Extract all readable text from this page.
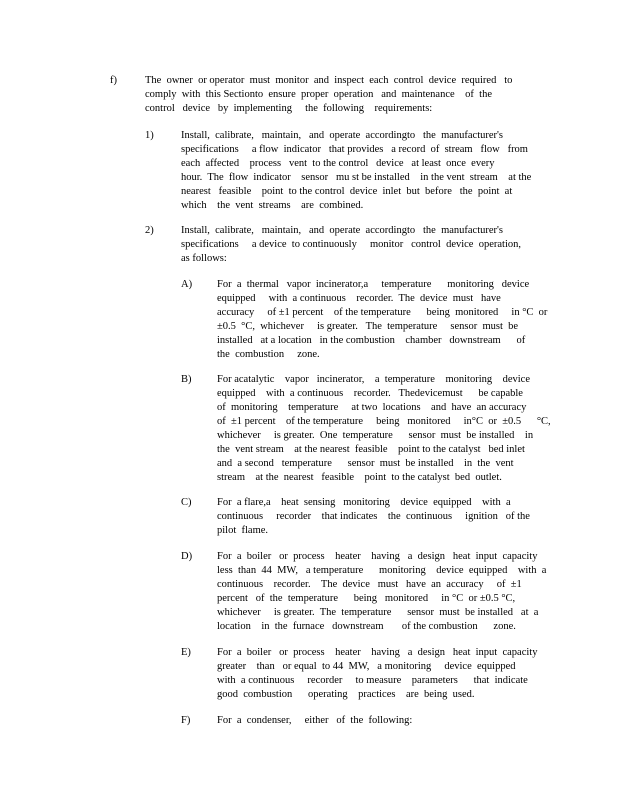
f)	The  owner  or operator  must  monitor  and  inspect  each  control  device  required   to
comply  with  this Sectionto  ensure  proper  operation   and  maintenance    of  the
control   device   by  implementing     the  following    requirements:
1)	Install,  calibrate,   maintain,   and  operate  accordingto   the  manufacturer's
specifications     a flow  indicator   that provides   a record  of  stream   flow   from
each  affected    process   vent  to the control   device   at least  once  every
hour.  The  flow  indicator    sensor   mu st be installed    in the vent  stream    at the
nearest   feasible    point  to the control  device  inlet  but  before   the  point  at
which    the  vent  streams    are  combined.
2)	Install,  calibrate,   maintain,   and  operate  accordingto   the  manufacturer's
specifications     a device  to continuously     monitor   control  device  operation,
as follows:
A) For  a  thermal   vapor  incinerator,a     temperature      monitoring   device
equipped     with  a continuous    recorder.  The  device  must   have
accuracy     of ±1 percent    of the temperature      being  monitored     in °C  or
±0.5  °C,  whichever     is greater.   The  temperature     sensor  must  be
installed   at a location   in the combustion    chamber   downstream      of
the  combustion     zone.
B) For acatalytic    vapor   incinerator,    a  temperature    monitoring    device
equipped    with  a continuous    recorder.   Thedevicemust      be capable
of  monitoring    temperature     at two  locations    and  have  an accuracy
of  ±1 percent    of the temperature     being   monitored     in°C  or  ±0.5      °C,
whichever     is greater.  One  temperature      sensor  must  be installed    in
the  vent stream    at the nearest  feasible    point to the catalyst   bed inlet
and  a second   temperature      sensor  must  be installed    in  the  vent
stream    at the  nearest   feasible    point  to the catalyst  bed  outlet.
C) For  a flare,a    heat  sensing   monitoring    device  equipped    with  a
continuous     recorder    that indicates    the  continuous     ignition   of the
pilot  flame.
D) For  a  boiler   or  process    heater    having   a  design   heat  input  capacity
less  than  44  MW,   a temperature      monitoring    device  equipped    with  a
continuous    recorder.    The  device   must   have  an  accuracy     of  ±1
percent   of  the  temperature      being   monitored     in °C  or ±0.5 °C,
whichever     is greater.  The  temperature      sensor  must  be installed   at  a
location    in  the  furnace   downstream       of the combustion      zone.
E) For  a  boiler   or  process    heater    having   a  design   heat  input  capacity
greater    than   or equal  to 44  MW,   a monitoring     device  equipped
with  a continuous     recorder     to measure    parameters      that  indicate
good  combustion      operating    practices    are  being  used.
F)	For  a  condenser,     either   of  the  following:
